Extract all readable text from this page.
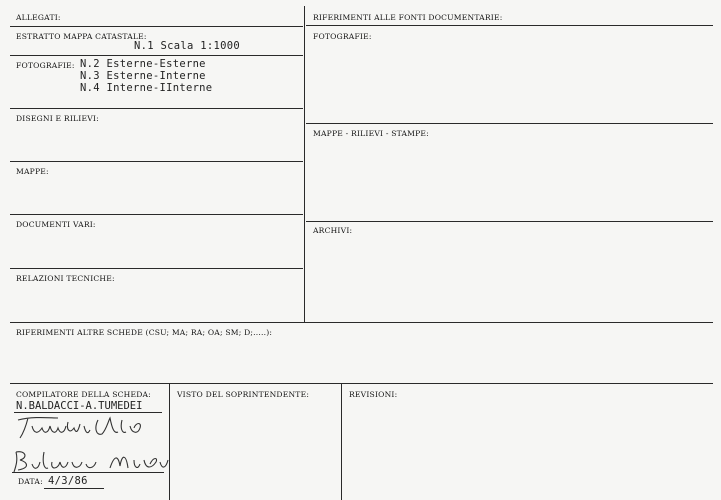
ALLEGATI:
ESTRATTO MAPPA CATASTALE:
N.1 Scala 1:1000
FOTOGRAFIE: N.2 Esterne-Esterne
N.3 Esterne-Interne
N.4 Interne-IInterne
DISEGNI E RILIEVI:
MAPPE:
DOCUMENTI VARI:
RELAZIONI TECNICHE:
RIFERIMENTI ALLE FONTI DOCUMENTARIE:
FOTOGRAFIE:
MAPPE - RILIEVI - STAMPE:
ARCHIVI:
RIFERIMENTI ALTRE SCHEDE (CSU; MA; RA; OA; SM; D;.....):
COMPILATORE DELLA SCHEDA:
N.BALDACCI-A.TUMEDEI
DATA: 4/3/86
VISTO DEL SOPRINTENDENTE:	REVISIONI:
